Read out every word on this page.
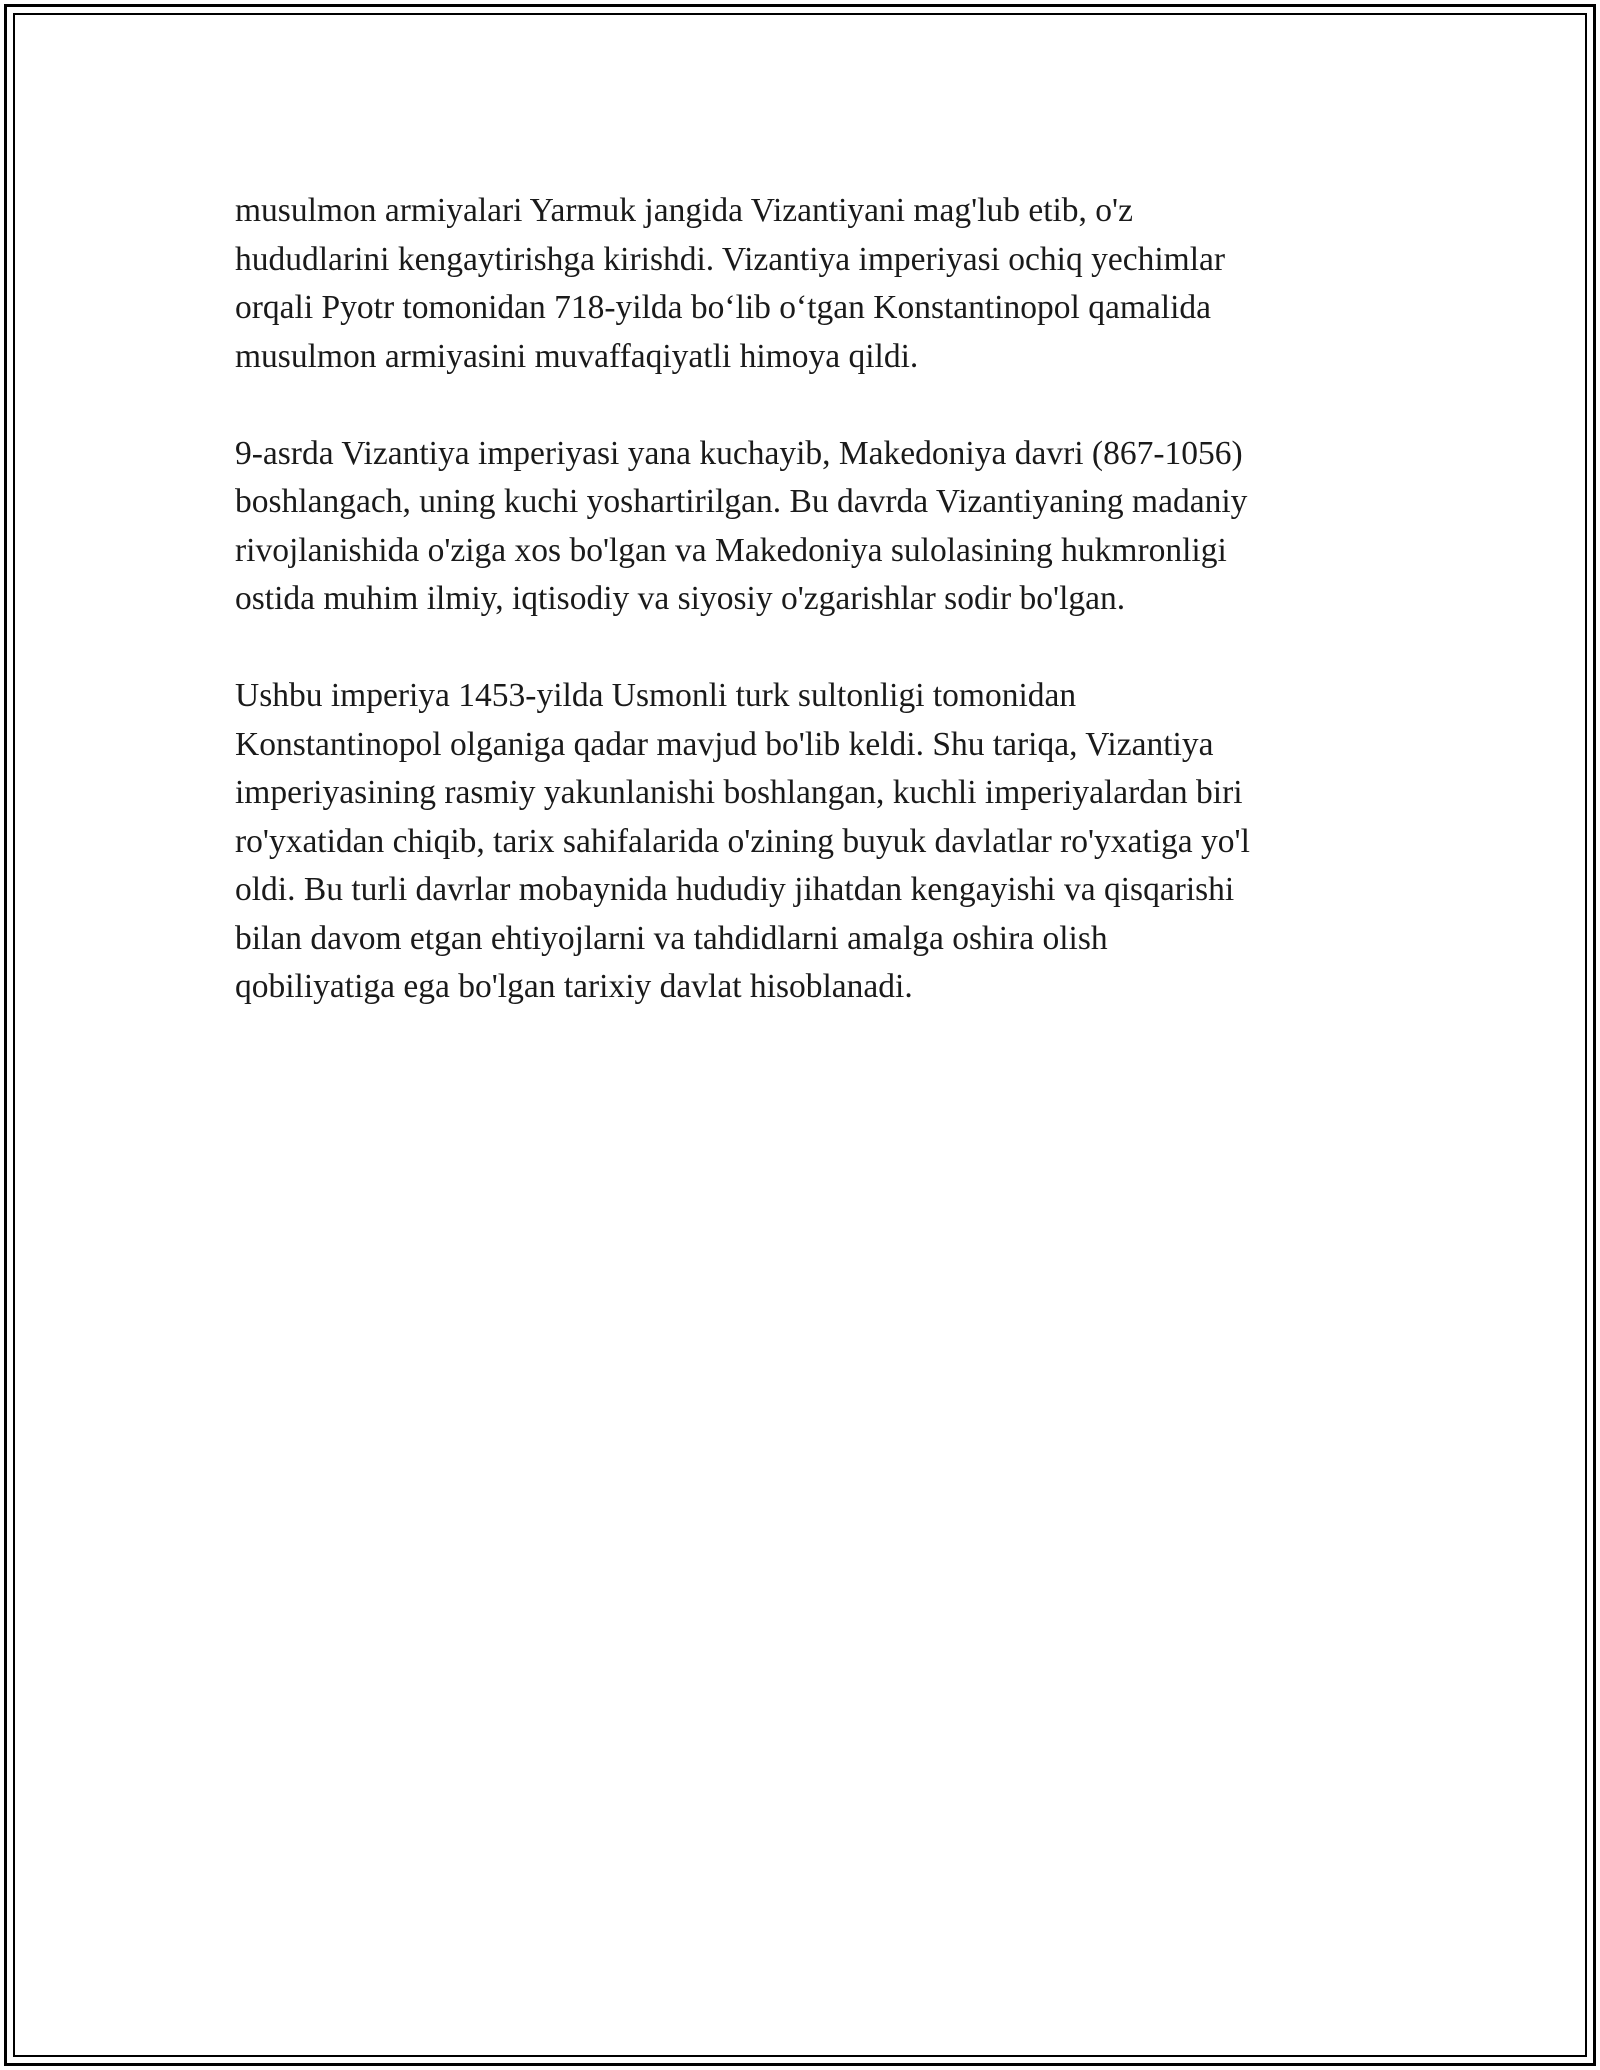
musulmon armiyalari Yarmuk jangida Vizantiyani mag'lub etib, o'z
hududlarini kengaytirishga kirishdi. Vizantiya imperiyasi ochiq yechimlar
orqali Pyotr tomonidan 718-yilda bo‘lib o‘tgan Konstantinopol qamalida
musulmon armiyasini muvaffaqiyatli himoya qildi.

9-asrda Vizantiya imperiyasi yana kuchayib, Makedoniya davri (867-1056)
boshlangach, uning kuchi yoshartirilgan. Bu davrda Vizantiyaning madaniy
rivojlanishida o'ziga xos bo'lgan va Makedoniya sulolasining hukmronligi
ostida muhim ilmiy, iqtisodiy va siyosiy o'zgarishlar sodir bo'lgan.

Ushbu imperiya 1453-yilda Usmonli turk sultonligi tomonidan
Konstantinopol olganiga qadar mavjud bo'lib keldi. Shu tariqa, Vizantiya
imperiyasining rasmiy yakunlanishi boshlangan, kuchli imperiyalardan biri
ro'yxatidan chiqib, tarix sahifalarida o'zining buyuk davlatlar ro'yxatiga yo'l
oldi. Bu turli davrlar mobaynida hududiy jihatdan kengayishi va qisqarishi
bilan davom etgan ehtiyojlarni va tahdidlarni amalga oshira olish
qobiliyatiga ega bo'lgan tarixiy davlat hisoblanadi.
